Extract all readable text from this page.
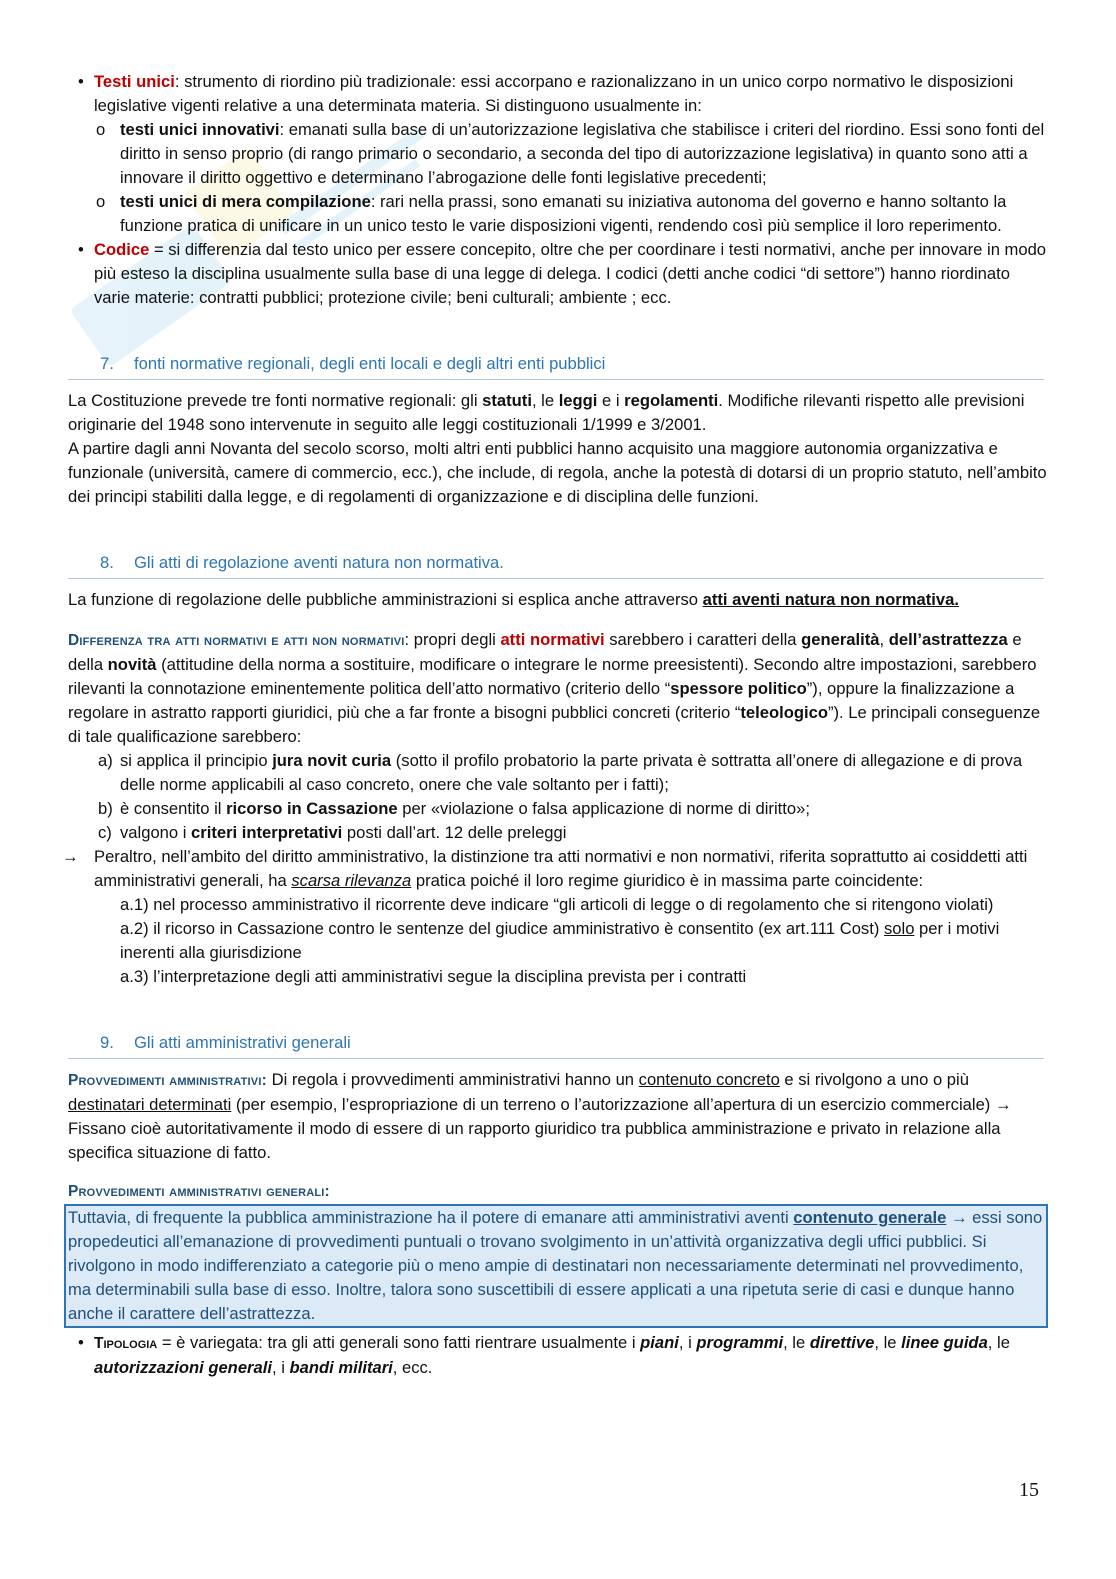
• Testi unici: strumento di riordino più tradizionale: essi accorpano e razionalizzano in un unico corpo normativo le disposizioni legislative vigenti relative a una determinata materia. Si distinguono usualmente in:

o testi unici innovativi: emanati sulla base di un’autorizzazione legislativa che stabilisce i criteri del riordino. Essi sono fonti del diritto in senso proprio (di rango primario o secondario, a seconda del tipo di autorizzazione legislativa) in quanto sono atti a innovare il diritto oggettivo e determinano l’abrogazione delle fonti legislative precedenti;

o testi unici di mera compilazione: rari nella prassi, sono emanati su iniziativa autonoma del governo e hanno soltanto la funzione pratica di unificare in un unico testo le varie disposizioni vigenti, rendendo così più semplice il loro reperimento.

• Codice = si differenzia dal testo unico per essere concepito, oltre che per coordinare i testi normativi, anche per innovare in modo più esteso la disciplina usualmente sulla base di una legge di delega. I codici (detti anche codici “di settore”) hanno riordinato varie materie: contratti pubblici; protezione civile; beni culturali; ambiente ; ecc.

7. fonti normative regionali, degli enti locali e degli altri enti pubblici

La Costituzione prevede tre fonti normative regionali: gli statuti, le leggi e i regolamenti. Modifiche rilevanti rispetto alle previsioni originarie del 1948 sono intervenute in seguito alle leggi costituzionali 1/1999 e 3/2001.

A partire dagli anni Novanta del secolo scorso, molti altri enti pubblici hanno acquisito una maggiore autonomia organizzativa e funzionale (università, camere di commercio, ecc.), che include, di regola, anche la potestà di dotarsi di un proprio statuto, nell’ambito dei principi stabiliti dalla legge, e di regolamenti di organizzazione e di disciplina delle funzioni.

8. Gli atti di regolazione aventi natura non normativa.

La funzione di regolazione delle pubbliche amministrazioni si esplica anche attraverso atti aventi natura non normativa.

Differenza tra atti normativi e atti non normativi: propri degli atti normativi sarebbero i caratteri della generalità, dell’astrattezza e della novità (attitudine della norma a sostituire, modificare o integrare le norme preesistenti). Secondo altre impostazioni, sarebbero rilevanti la connotazione eminentemente politica dell’atto normativo (criterio dello “spessore politico”), oppure la finalizzazione a regolare in astratto rapporti giuridici, più che a far fronte a bisogni pubblici concreti (criterio “teleologico”). Le principali conseguenze di tale qualificazione sarebbero:

a) si applica il principio jura novit curia (sotto il profilo probatorio la parte privata è sottratta all’onere di allegazione e di prova delle norme applicabili al caso concreto, onere che vale soltanto per i fatti);

b) è consentito il ricorso in Cassazione per «violazione o falsa applicazione di norme di diritto»;

c) valgono i criteri interpretativi posti dall’art. 12 delle preleggi

→ Peraltro, nell’ambito del diritto amministrativo, la distinzione tra atti normativi e non normativi, riferita soprattutto ai cosiddetti atti amministrativi generali, ha scarsa rilevanza pratica poiché il loro regime giuridico è in massima parte coincidente:

a.1) nel processo amministrativo il ricorrente deve indicare “gli articoli di legge o di regolamento che si ritengono violati)

a.2) il ricorso in Cassazione contro le sentenze del giudice amministrativo è consentito (ex art.111 Cost) solo per i motivi inerenti alla giurisdizione

a.3) l’interpretazione degli atti amministrativi segue la disciplina prevista per i contratti

9. Gli atti amministrativi generali

Provvedimenti amministrativi: Di regola i provvedimenti amministrativi hanno un contenuto concreto e si rivolgono a uno o più destinatari determinati (per esempio, l’espropriazione di un terreno o l’autorizzazione all’apertura di un esercizio commerciale) → Fissano cioè autoritativamente il modo di essere di un rapporto giuridico tra pubblica amministrazione e privato in relazione alla specifica situazione di fatto.

Provvedimenti amministrativi generali:

Tuttavia, di frequente la pubblica amministrazione ha il potere di emanare atti amministrativi aventi contenuto generale → essi sono propedeutici all’emanazione di provvedimenti puntuali o trovano svolgimento in un’attività organizzativa degli uffici pubblici. Si rivolgono in modo indifferenziato a categorie più o meno ampie di destinatari non necessariamente determinati nel provvedimento, ma determinabili sulla base di esso. Inoltre, talora sono suscettibili di essere applicati a una ripetuta serie di casi e dunque hanno anche il carattere dell’astrattezza.

• Tipologia = è variegata: tra gli atti generali sono fatti rientrare usualmente i piani, i programmi, le direttive, le linee guida, le autorizzazioni generali, i bandi militari, ecc.

15
